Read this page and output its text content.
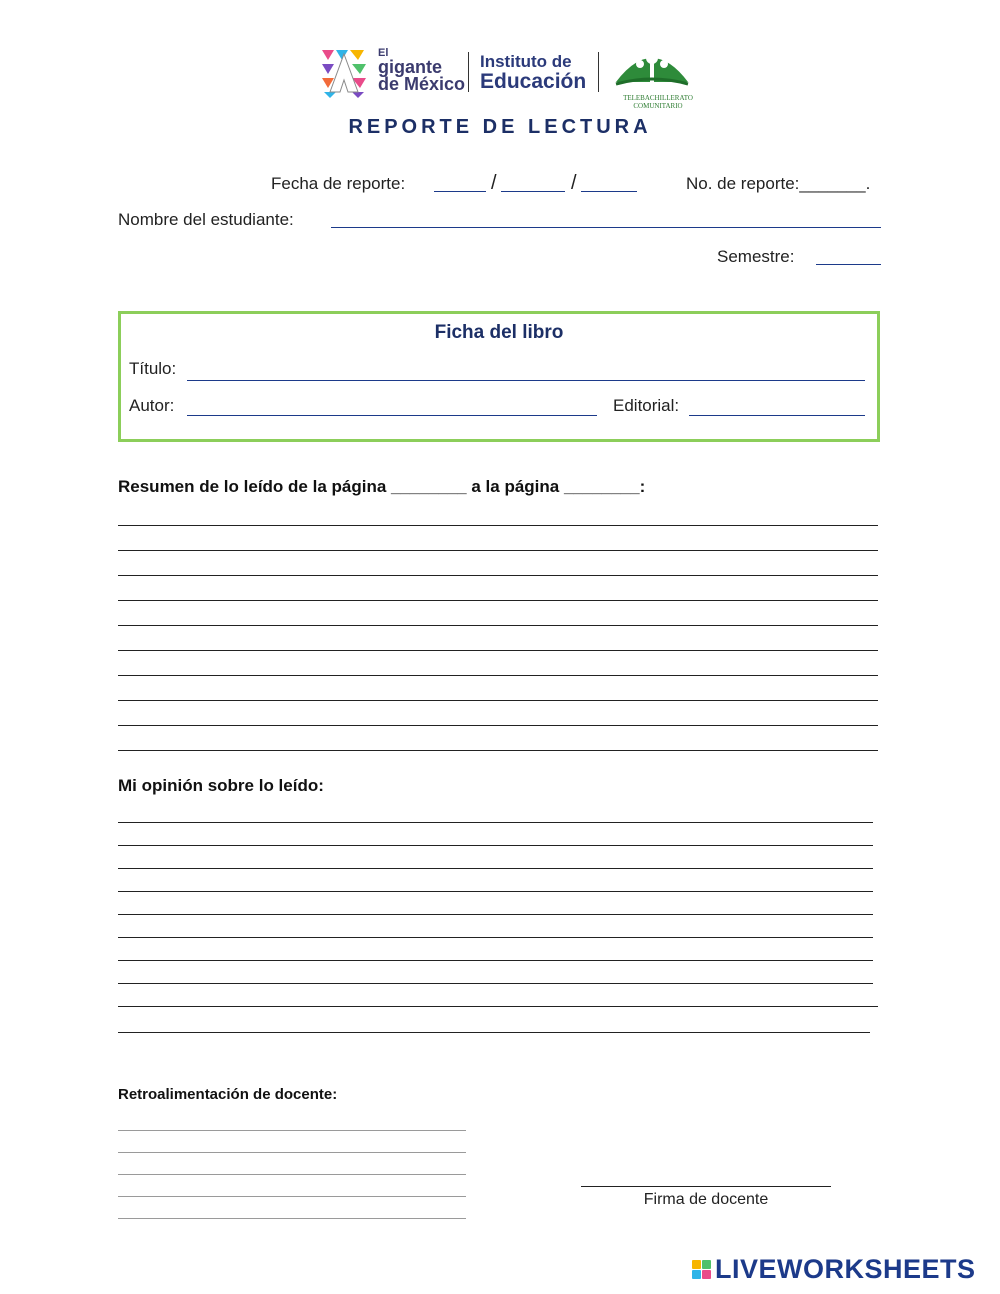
El
gigante
de México
Instituto de
Educación
TELEBACHILLERATO
COMUNITARIO
REPORTE DE LECTURA
Fecha de reporte:	/	/	No. de reporte:_______.
Nombre del estudiante:
Semestre:
Ficha del libro
Título:
Autor:	Editorial:
Resumen de lo leído de la página ________ a la página ________:
Mi opinión sobre lo leído:
Retroalimentación de docente:
Firma de docente
LIVEWORKSHEETS
